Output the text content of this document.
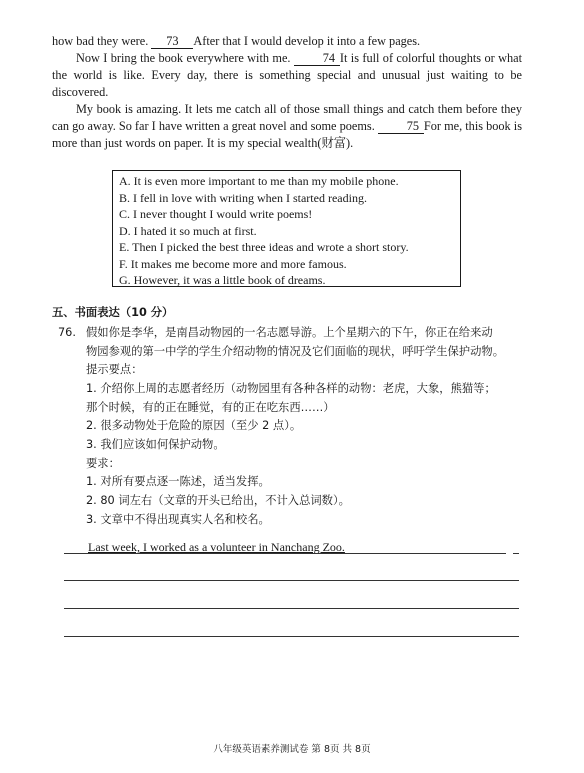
how bad they were. 73 After that I would develop it into a few pages.
Now I bring the book everywhere with me. 74 It is full of colorful thoughts or what the world is like. Every day, there is something special and unusual just waiting to be discovered.
My book is amazing. It lets me catch all of those small things and catch them before they can go away. So far I have written a great novel and some poems. 75 For me, this book is more than just words on paper. It is my special wealth(财富).
A. It is even more important to me than my mobile phone.
B. I fell in love with writing when I started reading.
C. I never thought I would write poems!
D. I hated it so much at first.
E. Then I picked the best three ideas and wrote a short story.
F. It makes me become more and more famous.
G. However, it was a little book of dreams.
五、书面表达（10 分）
76. 假如你是李华，是南昌动物园的一名志愿导游。上个星期六的下午，你正在给来动
物园参观的第一中学的学生介绍动物的情况及它们面临的现状，呼吁学生保护动物。
提示要点：
1. 介绍你上周的志愿者经历（动物园里有各种各样的动物：老虎，大象，熊猫等；
那个时候，有的正在睡觉，有的正在吃东西……）
2. 很多动物处于危险的原因（至少 2 点）。
3. 我们应该如何保护动物。
要求：
1. 对所有要点逐一陈述，适当发挥。
2. 80 词左右（文章的开头已给出，不计入总词数）。
3. 文章中不得出现真实人名和校名。
Last week, I worked as a volunteer in Nanchang Zoo.
八年级英语素养测试卷 第 8页 共 8页
